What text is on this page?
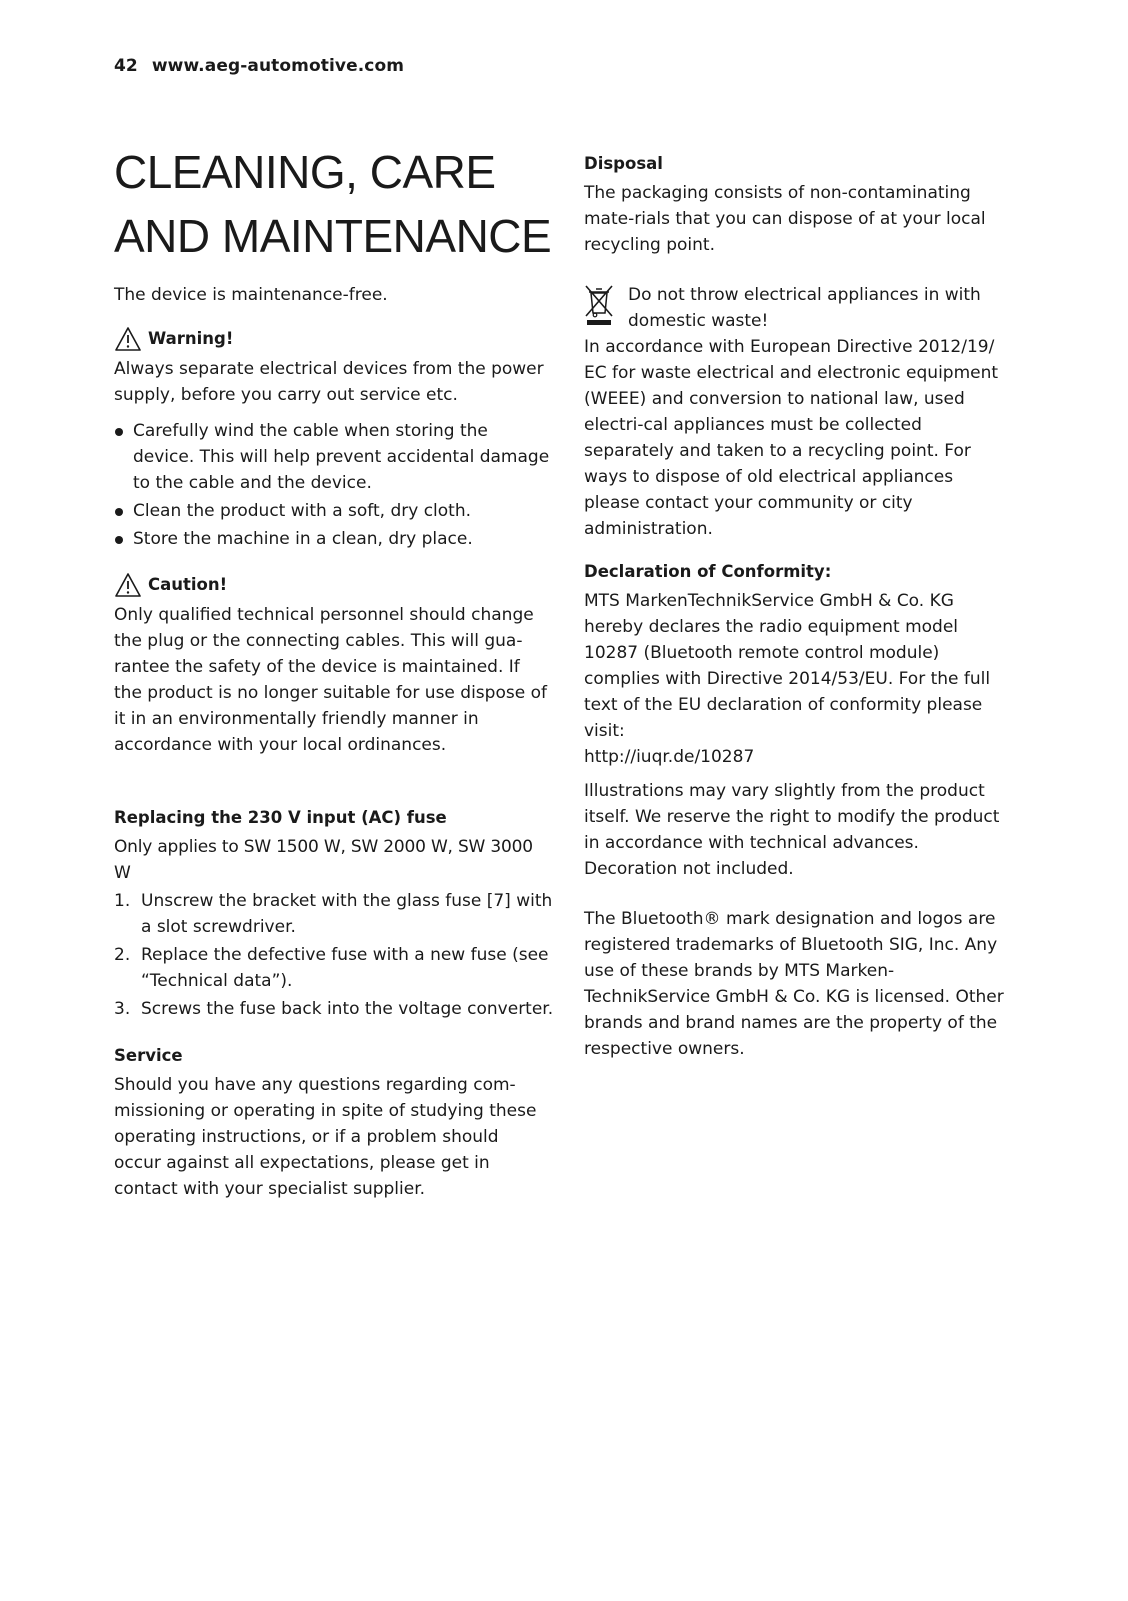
42 www.aeg-automotive.com
CLEANING, CARE
AND MAINTENANCE

The device is maintenance-free.

Warning!

Always separate electrical devices from the power supply, before you carry out service etc.

Carefully wind the cable when storing the device. This will help prevent accidental damage to the cable and the device.
Clean the product with a soft, dry cloth.
Store the machine in a clean, dry place.
Caution!

Only qualified technical personnel should change the plug or the connecting cables. This will gua-rantee the safety of the device is maintained. If the product is no longer suitable for use dispose of it in an environmentally friendly manner in accordance with your local ordinances.

Replacing the 230 V input (AC) fuse

Only applies to SW 1500 W, SW 2000 W, SW 3000 W

1. Unscrew the bracket with the glass fuse [7] with a slot screwdriver.
2. Replace the defective fuse with a new fuse (see “Technical data”).
3. Screws the fuse back into the voltage converter.
Service

Should you have any questions regarding com-missioning or operating in spite of studying these operating instructions, or if a problem should occur against all expectations, please get in contact with your specialist supplier.

Disposal

The packaging consists of non-contaminating mate-rials that you can dispose of at your local recycling point.

Do not throw electrical appliances in with domestic waste!

In accordance with European Directive 2012/19/ EC for waste electrical and electronic equipment (WEEE) and conversion to national law, used electri-cal appliances must be collected separately and taken to a recycling point. For ways to dispose of old electrical appliances please contact your community or city administration.

Declaration of Conformity:

MTS MarkenTechnikService GmbH & Co. KG hereby declares the radio equipment model 10287 (Bluetooth remote control module) complies with Directive 2014/53/EU. For the full text of the EU declaration of conformity please visit:

http://iuqr.de/10287

Illustrations may vary slightly from the product itself. We reserve the right to modify the product in accordance with technical advances. Decoration not included.

The Bluetooth® mark designation and logos are registered trademarks of Bluetooth SIG, Inc. Any use of these brands by MTS Marken-TechnikService GmbH & Co. KG is licensed. Other brands and brand names are the property of the respective owners.
